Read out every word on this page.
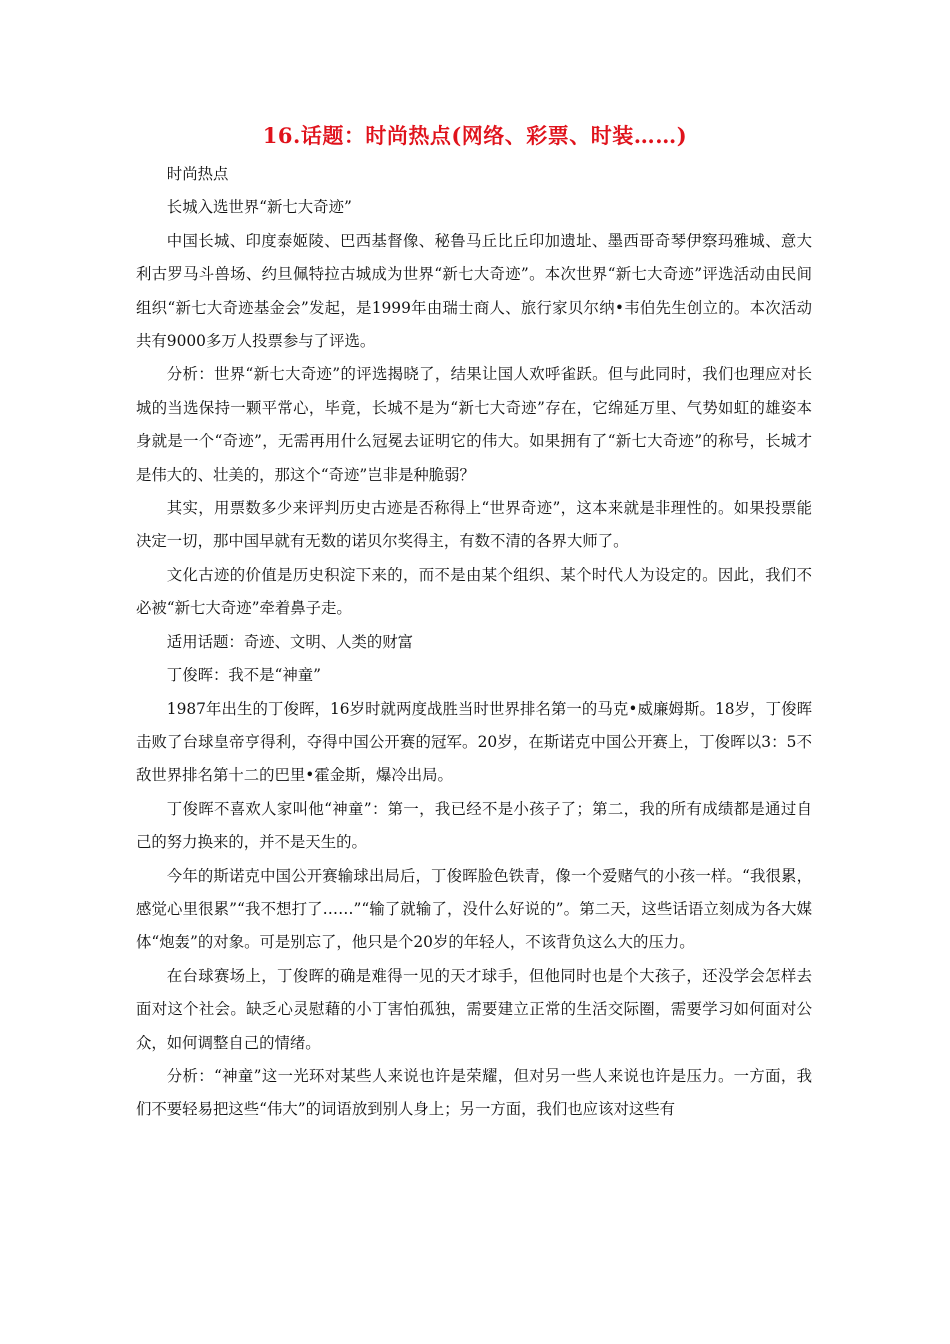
16.话题：时尚热点(网络、彩票、时装……)

时尚热点

长城入选世界“新七大奇迹”

中国长城、印度泰姬陵、巴西基督像、秘鲁马丘比丘印加遗址、墨西哥奇琴伊察玛雅城、意大利古罗马斗兽场、约旦佩特拉古城成为世界“新七大奇迹”。本次世界“新七大奇迹”评选活动由民间组织“新七大奇迹基金会”发起，是1999年由瑞士商人、旅行家贝尔纳•韦伯先生创立的。本次活动共有9000多万人投票参与了评选。

分析：世界“新七大奇迹”的评选揭晓了，结果让国人欢呼雀跃。但与此同时，我们也理应对长城的当选保持一颗平常心，毕竟，长城不是为“新七大奇迹”存在，它绵延万里、气势如虹的雄姿本身就是一个“奇迹”，无需再用什么冠冕去证明它的伟大。如果拥有了“新七大奇迹”的称号，长城才是伟大的、壮美的，那这个“奇迹”岂非是种脆弱？

其实，用票数多少来评判历史古迹是否称得上“世界奇迹”，这本来就是非理性的。如果投票能决定一切，那中国早就有无数的诺贝尔奖得主，有数不清的各界大师了。

文化古迹的价值是历史积淀下来的，而不是由某个组织、某个时代人为设定的。因此，我们不必被“新七大奇迹”牵着鼻子走。

适用话题：奇迹、文明、人类的财富

丁俊晖：我不是“神童”

1987年出生的丁俊晖，16岁时就两度战胜当时世界排名第一的马克•威廉姆斯。18岁，丁俊晖击败了台球皇帝亨得利，夺得中国公开赛的冠军。20岁，在斯诺克中国公开赛上，丁俊晖以3：5不敌世界排名第十二的巴里•霍金斯，爆冷出局。

丁俊晖不喜欢人家叫他“神童”：第一，我已经不是小孩子了；第二，我的所有成绩都是通过自己的努力换来的，并不是天生的。

今年的斯诺克中国公开赛输球出局后，丁俊晖脸色铁青，像一个爱赌气的小孩一样。“我很累，感觉心里很累”“我不想打了……”“输了就输了，没什么好说的”。第二天，这些话语立刻成为各大媒体“炮轰”的对象。可是别忘了，他只是个20岁的年轻人，不该背负这么大的压力。

在台球赛场上，丁俊晖的确是难得一见的天才球手，但他同时也是个大孩子，还没学会怎样去面对这个社会。缺乏心灵慰藉的小丁害怕孤独，需要建立正常的生活交际圈，需要学习如何面对公众，如何调整自己的情绪。

分析：“神童”这一光环对某些人来说也许是荣耀，但对另一些人来说也许是压力。一方面，我们不要轻易把这些“伟大”的词语放到别人身上；另一方面，我们也应该对这些有
